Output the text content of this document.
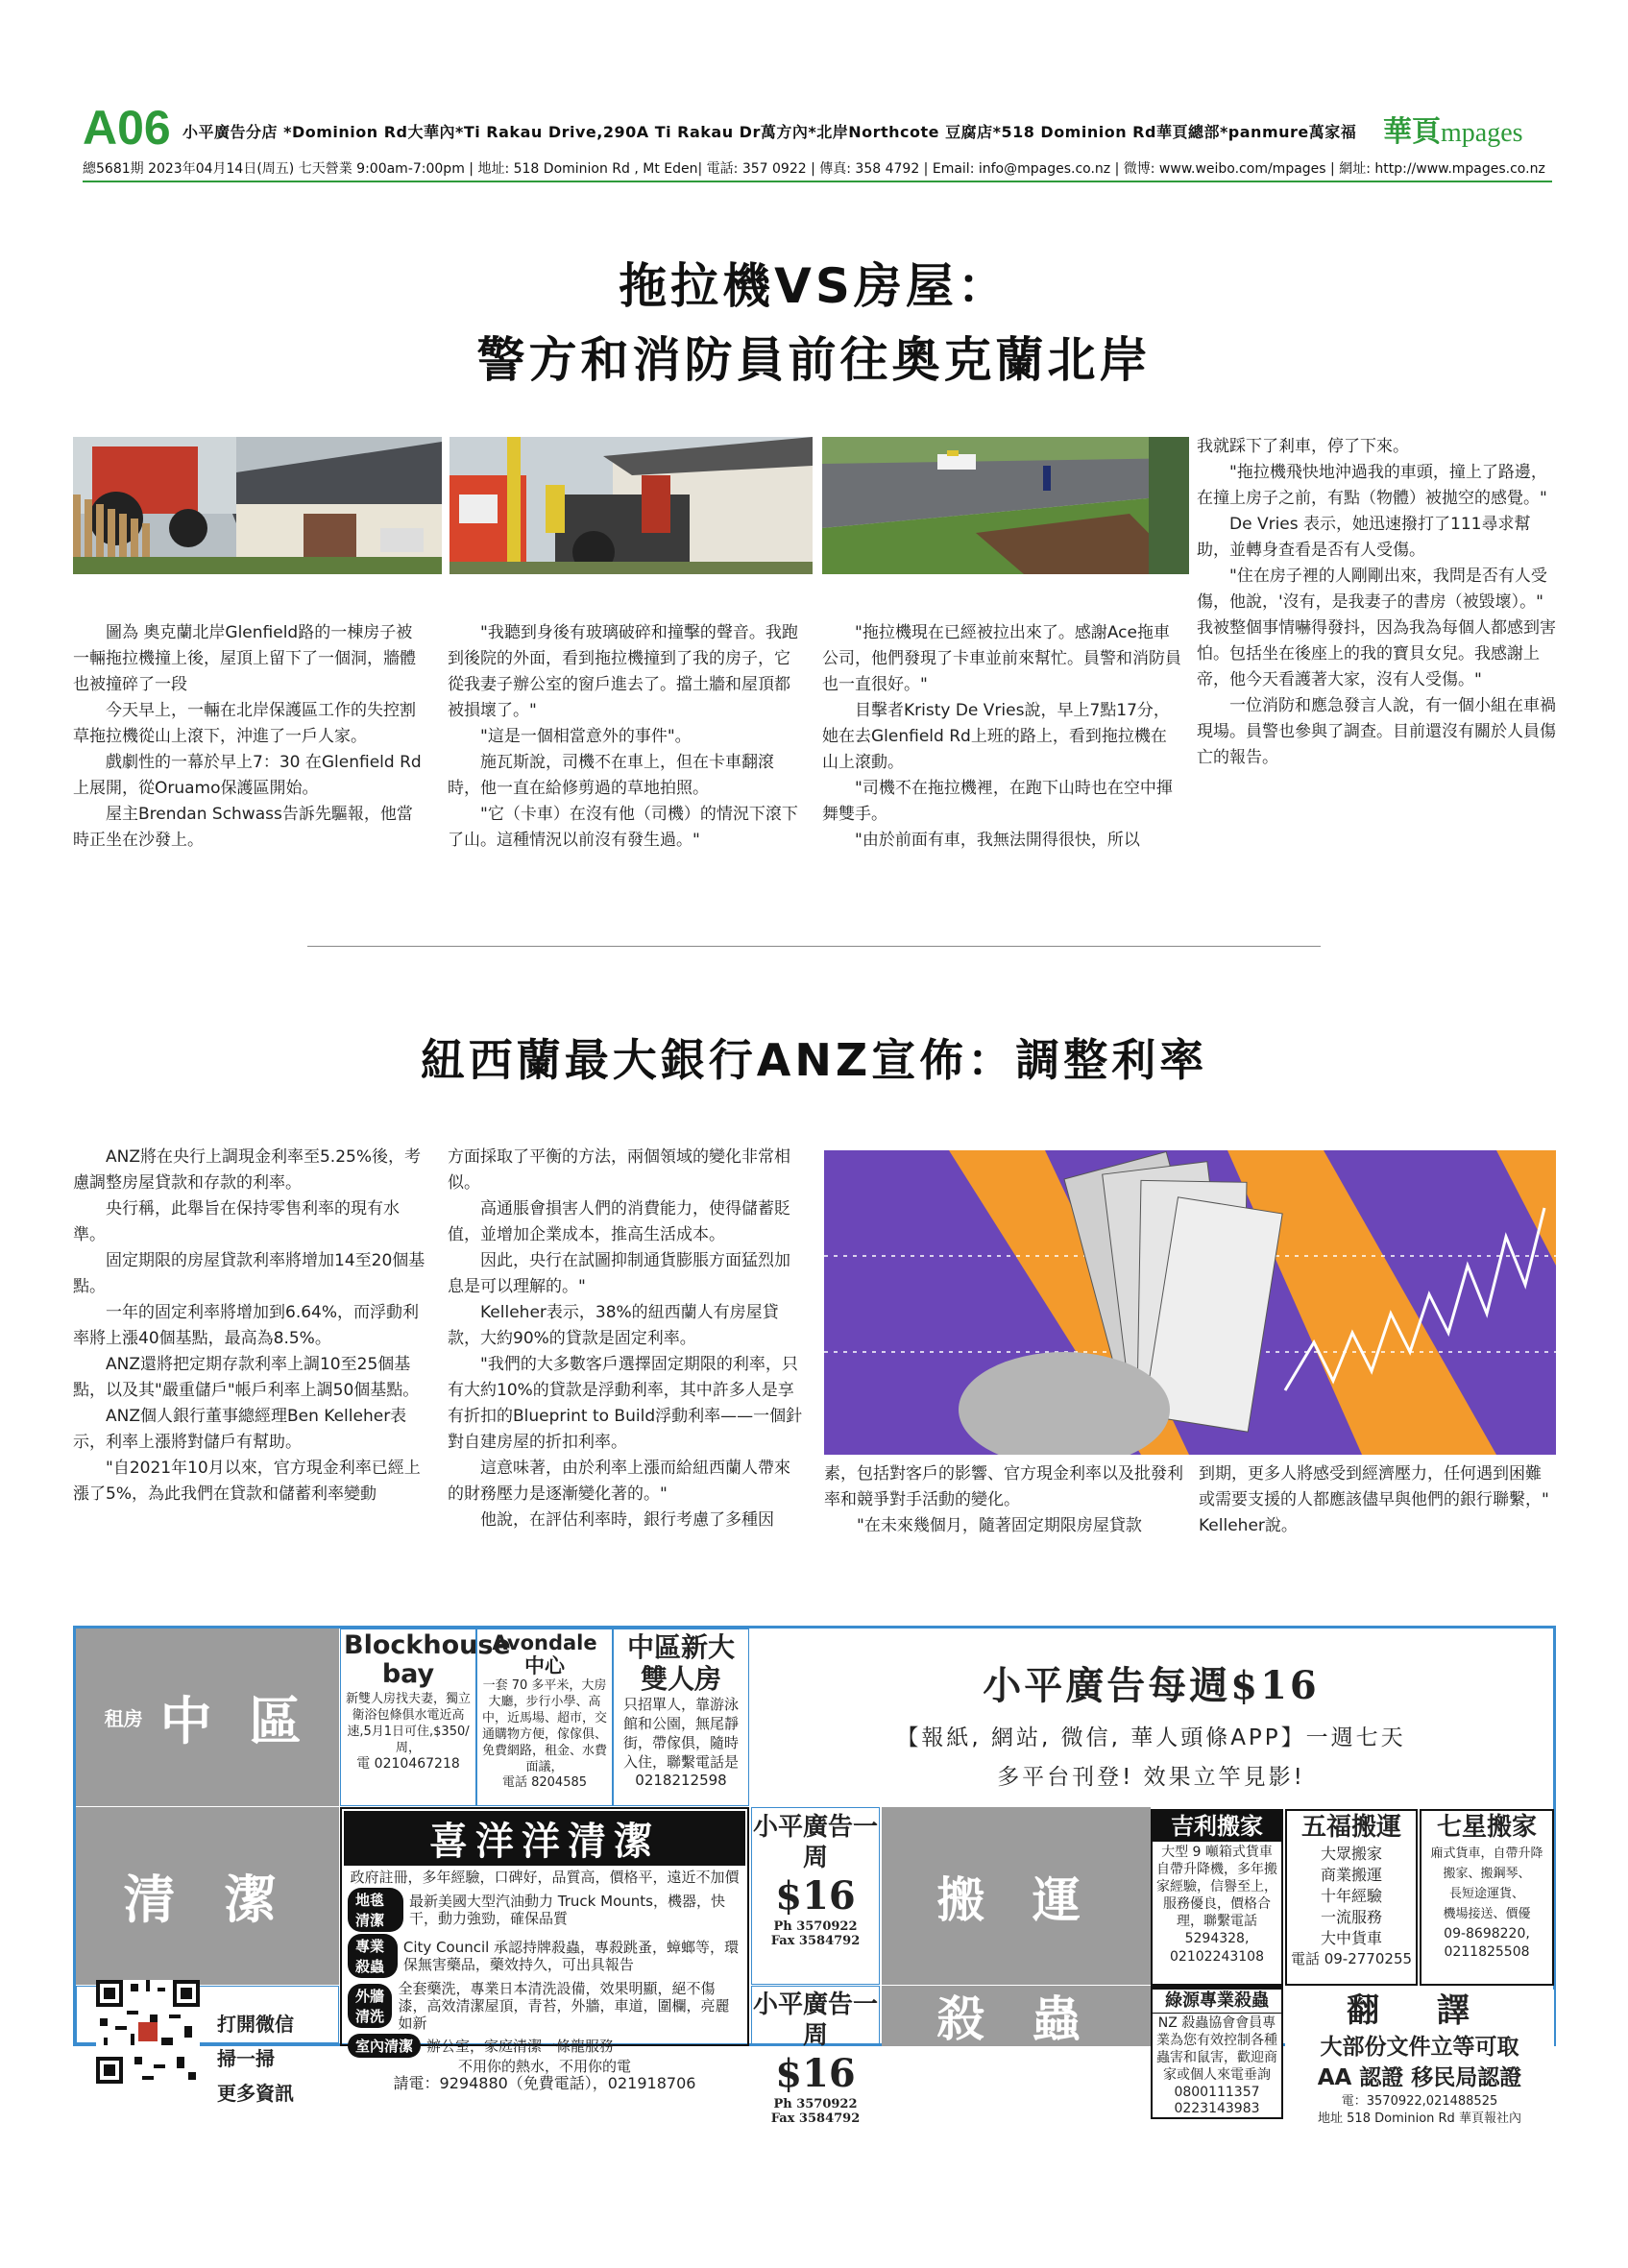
A06 小平廣告分店 *Dominion Rd大華內*Ti Rakau Drive,290A Ti Rakau Dr萬方內*北岸Northcote 豆腐店*518 Dominion Rd華頁總部*panmure萬家福
總5681期 2023年04月14日(周五) 七天營業 9:00am-7:00pm | 地址: 518 Dominion Rd , Mt Eden| 電話: 357 0922 | 傳真: 358 4792 | Email: info@mpages.co.nz | 微博: www.weibo.com/mpages | 網址: http://www.mpages.co.nz
華頁mpages
拖拉機VS房屋：
警方和消防員前往奧克蘭北岸

圖為 奧克蘭北岸Glenfield路的一棟房子被一輛拖拉機撞上後，屋頂上留下了一個洞，牆體也被撞碎了一段

今天早上，一輛在北岸保護區工作的失控割草拖拉機從山上滾下，沖進了一戶人家。

戲劇性的一幕於早上7：30 在Glenfield Rd上展開，從Oruamo保護區開始。

屋主Brendan Schwass告訴先驅報，他當時正坐在沙發上。

"我聽到身後有玻璃破碎和撞擊的聲音。我跑到後院的外面，看到拖拉機撞到了我的房子，它從我妻子辦公室的窗戶進去了。擋土牆和屋頂都被損壞了。"

"這是一個相當意外的事件"。

施瓦斯說，司機不在車上，但在卡車翻滾時，他一直在給修剪過的草地拍照。

"它（卡車）在沒有他（司機）的情況下滾下了山。這種情況以前沒有發生過。"

"拖拉機現在已經被拉出來了。感謝Ace拖車公司，他們發現了卡車並前來幫忙。員警和消防員也一直很好。"

目擊者Kristy De Vries說，早上7點17分，她在去Glenfield Rd上班的路上，看到拖拉機在山上滾動。

"司機不在拖拉機裡，在跑下山時也在空中揮舞雙手。

"由於前面有車，我無法開得很快，所以

我就踩下了剎車，停了下來。

"拖拉機飛快地沖過我的車頭，撞上了路邊，在撞上房子之前，有點（物體）被拋空的感覺。"

De Vries 表示，她迅速撥打了111尋求幫助，並轉身查看是否有人受傷。

"住在房子裡的人剛剛出來，我問是否有人受傷，他說，'沒有，是我妻子的書房（被毀壞）。" 我被整個事情嚇得發抖，因為我為每個人都感到害怕。包括坐在後座上的我的寶貝女兒。我感謝上帝，他今天看護著大家，沒有人受傷。"

一位消防和應急發言人說，有一個小組在車禍現場。員警也參與了調查。目前還沒有關於人員傷亡的報告。

紐西蘭最大銀行ANZ宣佈：調整利率

ANZ將在央行上調現金利率至5.25%後，考慮調整房屋貸款和存款的利率。

央行稱，此舉旨在保持零售利率的現有水準。

固定期限的房屋貸款利率將增加14至20個基點。

一年的固定利率將增加到6.64%，而浮動利率將上漲40個基點，最高為8.5%。

ANZ還將把定期存款利率上調10至25個基點，以及其"嚴重儲戶"帳戶利率上調50個基點。

ANZ個人銀行董事總經理Ben Kelleher表示，利率上漲將對儲戶有幫助。

"自2021年10月以來，官方現金利率已經上漲了5%，為此我們在貸款和儲蓄利率變動

方面採取了平衡的方法，兩個領域的變化非常相似。

高通脹會損害人們的消費能力，使得儲蓄貶值，並增加企業成本，推高生活成本。

因此，央行在試圖抑制通貨膨脹方面猛烈加息是可以理解的。"

Kelleher表示，38%的紐西蘭人有房屋貸款，大約90%的貸款是固定利率。

"我們的大多數客戶選擇固定期限的利率，只有大約10%的貸款是浮動利率，其中許多人是享有折扣的Blueprint to Build浮動利率——一個針對自建房屋的折扣利率。

這意味著，由於利率上漲而給紐西蘭人帶來的財務壓力是逐漸變化著的。"

他說，在評估利率時，銀行考慮了多種因

素，包括對客戶的影響、官方現金利率以及批發利率和競爭對手活動的變化。

"在未來幾個月，隨著固定期限房屋貸款

到期，更多人將感受到經濟壓力，任何遇到困難或需要支援的人都應該儘早與他們的銀行聯繫，" Kelleher說。

租房 中 區
Blockhouse bay
新雙人房找夫妻，獨立衛浴包條俱水電近高速,5月1日可住,$350/周，
電 0210467218
Avondale 中心
一套 70 多平米，大房大廳，步行小學、高中，近馬場、超市，交通購物方便，傢傢俱、免費網路，租金、水費面議，
電話 8204585
中區新大雙人房
只招單人，靠游泳館和公園，無尾靜街，帶傢俱，隨時入住，聯繫電話是
0218212598
小平廣告每週$16
【報紙, 網站, 微信, 華人頭條APP】一週七天
多平台刊登! 效果立竿見影!
清 潔
打開微信
掃一掃
更多資訊
喜洋洋清潔
政府註冊，多年經驗，口碑好，品質高，價格平，遠近不加價
地毯清潔
最新美國大型汽油動力 Truck Mounts，機器，快干，動力強勁，確保品質
專業殺蟲
City Council 承認持牌殺蟲，專殺跳蚤，蟑螂等，環保無害藥品，藥效持久，可出具報告
外牆清洗
全套藥洗，專業日本清洗設備，效果明顯，絕不傷漆，高效清潔屋頂，青苔，外牆，車道，圍欄，亮麗如新
室內清潔 辦公室，家庭清潔一條龍服務
不用你的熱水，不用你的電
請電：9294880（免費電話），021918706
小平廣告一周
$16
Ph 3570922
Fax 3584792
小平廣告一周
$16
Ph 3570922
Fax 3584792
搬 運
殺 蟲
吉利搬家
大型 9 噸箱式貨車自帶升降機，多年搬家經驗，信譽至上，服務優良，價格合理，聯繫電話 5294328,
02102243108
五福搬運
大眾搬家
商業搬運
十年經驗
一流服務
大中貨車
電話 09-2770255
七星搬家
廂式貨車，自帶升降
搬家、搬鋼琴、
長短途運貨、
機場接送、價優
09-8698220,
0211825508
綠源專業殺蟲
NZ 殺蟲協會會員專業為您有效控制各種蟲害和鼠害，歡迎商家或個人來電垂詢
0800111357
0223143983
翻 譯
大部份文件立等可取
AA 認證 移民局認證
電：3570922,021488525
地址 518 Dominion Rd 華頁報社內
